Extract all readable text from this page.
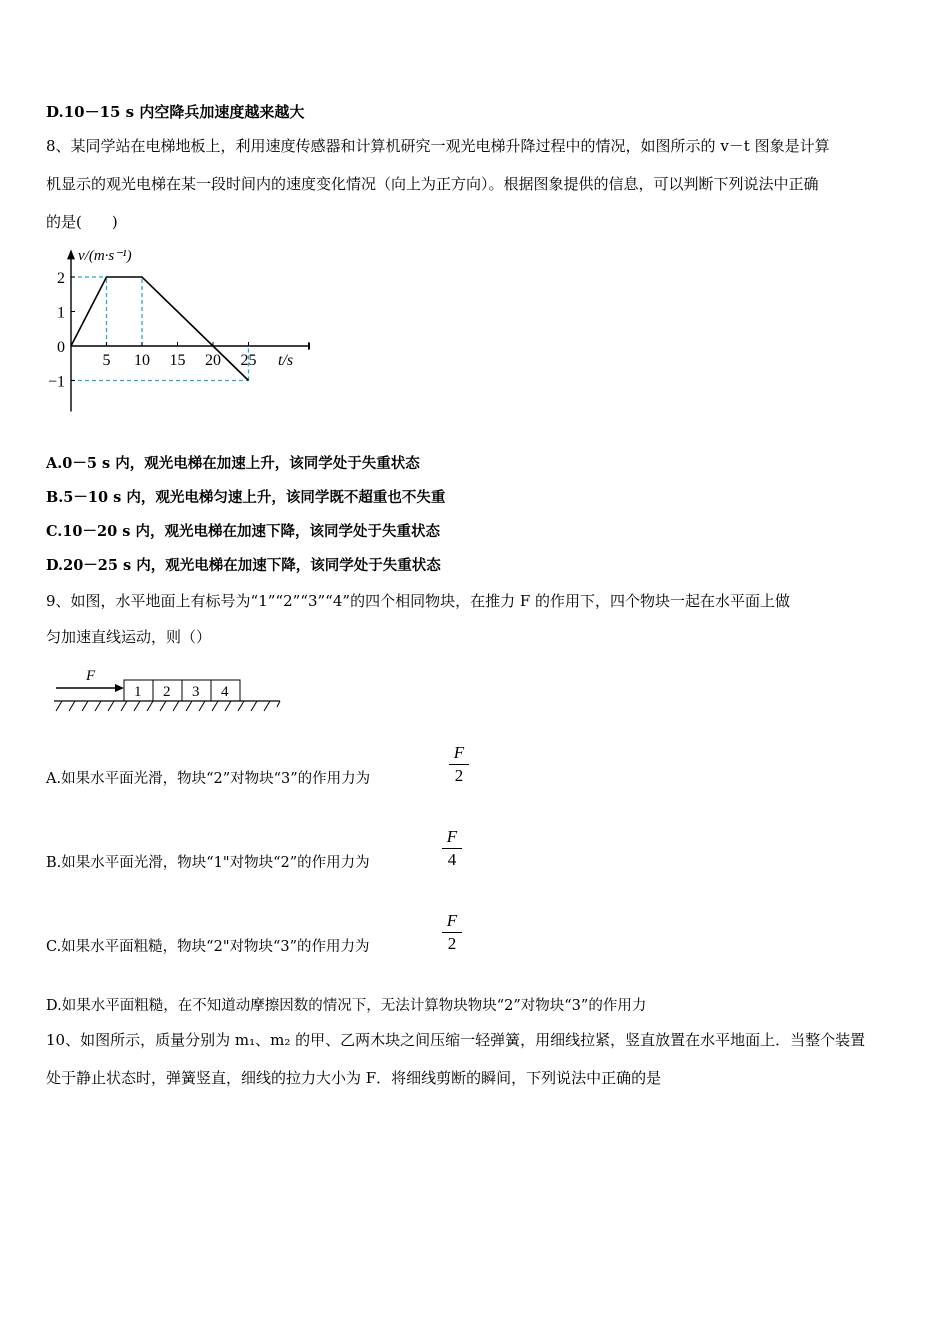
D.10－15 s 内空降兵加速度越来越大
8、某同学站在电梯地板上，利用速度传感器和计算机研究一观光电梯升降过程中的情况，如图所示的 v－t 图象是计算
机显示的观光电梯在某一段时间内的速度变化情况（向上为正方向）。根据图象提供的信息，可以判断下列说法中正确
的是(　　)
5 10 15 20 25
2
1
0
−1
v/(m·s⁻¹)
t/s
A.0－5 s 内，观光电梯在加速上升，该同学处于失重状态
B.5－10 s 内，观光电梯匀速上升，该同学既不超重也不失重
C.10－20 s 内，观光电梯在加速下降，该同学处于失重状态
D.20－25 s 内，观光电梯在加速下降，该同学处于失重状态
9、如图，水平地面上有标号为“1”“2”“3”“4”的四个相同物块，在推力 F 的作用下，四个物块一起在水平面上做
匀加速直线运动，则（）
F
1 2 3 4
A.如果水平面光滑，物块“2”对物块“3”的作用力为
F
2
B.如果水平面光滑，物块“1"对物块“2”的作用力为
F
4
C.如果水平面粗糙，物块“2"对物块“3”的作用力为
F
2
D.如果水平面粗糙，在不知道动摩擦因数的情况下，无法计算物块物块“2”对物块“3”的作用力
10、如图所示，质量分别为 m₁、m₂ 的甲、乙两木块之间压缩一轻弹簧，用细线拉紧，竖直放置在水平地面上．当整个装置
处于静止状态时，弹簧竖直，细线的拉力大小为 F．将细线剪断的瞬间，下列说法中正确的是
